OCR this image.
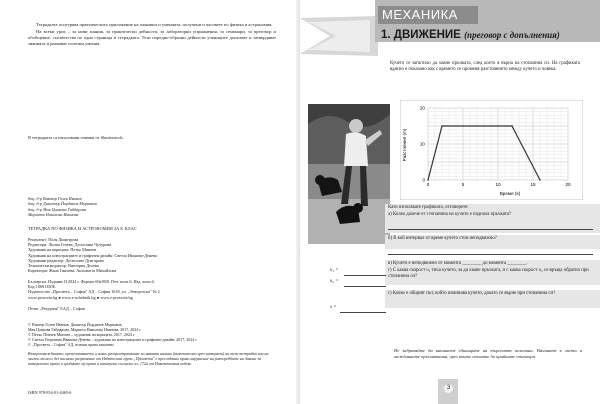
Тетрадката осигурява практическото приложение на знанията и уменията, получени и часовете по физика и астрономия.

На всеки урок – за нови знания, за практически дейности, за лабораторни упражнения, за семинари, за преговор и обобщение, съответства по една страница в тетрадката. Тези поредно-образни дейности учениците допълват и затвърдяват знанията и развиват полезни умения.

В тетрадката са използвани снимки от Shutterstock.
доц. д-р Виктор Голев Иванов
доц. д-р Димитър Йорданов Мърваков
доц. д-р Мая Цанкова Гайдарова
Мариета Николова Иванова
ТЕТРАДКА ПО ФИЗИКА И АСТРОНОМИЯ ЗА 8. КЛАС
Рецензент: Поля Димитрова
Редактори: Лилия Гечева, Десислава Чучурова
Художник на корицата: Петко Минчев
Художник на илюстрациите и графичен дизайн: Светла Иванова-Денева
Художник-редактор: Десислава Дунгарова
Технически редактор: Виктория Делева
Коректори: Жана Гинчева, Антоанета Михайлова
Българска. Издание II 2024 г. Формат 60х90/8. Печ. коли 6. Изд. коли 6.
Код 10691350Е.
Издателство „Просвета – София" АД – София 1618, ул. „Земеделска" № 2
www.prosveta.bg ● www.e-uchebnik.bg ● www.e-prosveta.bg
Печат „Рекурзия" ЕАД – София
© Виктор Голев Иванов, Димитър Йорданов Мърваков,
Мая Цанкова Гайдарова, Мариета Николова Иванова, 2017, 2024 г.
© Петко Пенчев Минчев – художник на корицата, 2017, 2024 г.
© Светла Георгиева Иванова-Денева – художник на илюстрациите и графичен дизайн, 2017, 2024 г.
© „Просвета – София" АД, всички права запазени
Възпроизвеждането, препечатването и всяко разпространяване по никакви начини (включително чрез интернет) на тези тетрадки или на части от него без писмено разрешение от Издателска група „Просвета" е преследвано пряко нарушение на разпоредбите на Закона за авторското право и сродните му права и наказуемо съгласно чл. 172а от Наказателния кодекс.
ISBN 978-954-01-4465-6
МЕХАНИКА
1. ДВИЖЕНИЕ (преговор с допълнения)
Кучето се запътило да хване пръчката, след което я върна на стопанина си. На графиката вдясно е показано как с времето се променя разстоянието между кучето и човека.
0	5	10	15	20
0
10
20
Разстояние (m)
Време (s)
Като използвате графиката, отговорете:
а) Колко далече от стопанина на кучето е паднала пръчката?
б) В кой интервал от време кучето стои неподвижно?
в) Кучето е неподвижно от момента ________ до момента ________.
г) С каква скорост υ₁ тича кучето, за да хване пръчката, и с каква скорост υ₂ се връща обратно при стопанина си?
υ₁ =
υ₂ =
г) Колко е общият път, който изминава кучето, докато се върне при стопанина си?
s =
Не забравяйте да напишете единиците на търсените величини. Начинате в листа и междинните пресмятания, чрез които стигате до крайните отговори.
3
